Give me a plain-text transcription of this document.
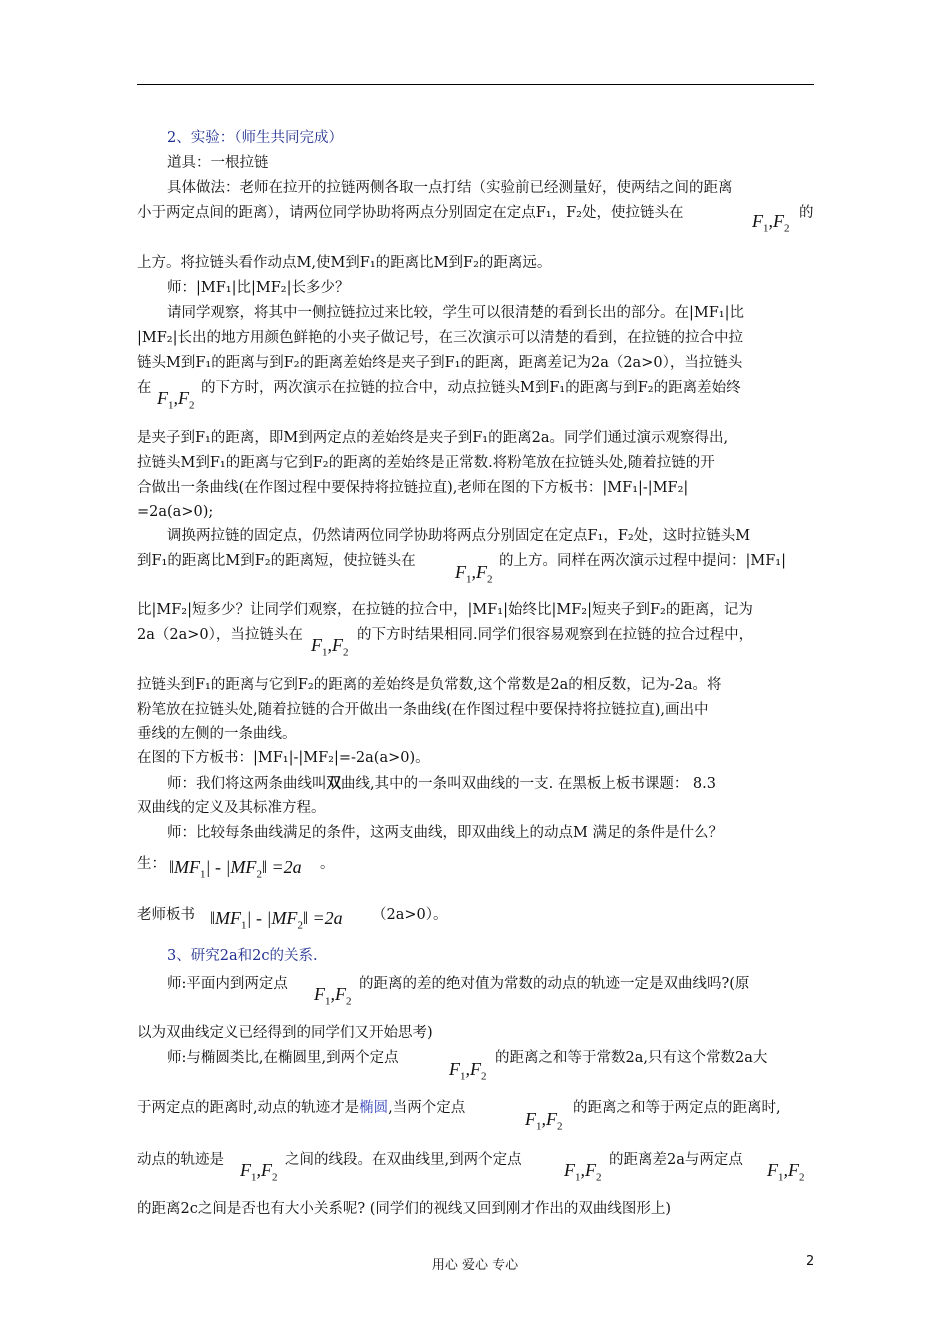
2、实验：（师生共同完成）
道具：一根拉链
具体做法：老师在拉开的拉链两侧各取一点打结（实验前已经测量好，使两结之间的距离
小于两定点间的距离），请两位同学协助将两点分别固定在定点F₁，F₂处，使拉链头在	$F_1,F_2$
的
上方。将拉链头看作动点M,使M到F₁的距离比M到F₂的距离远。
师：|MF₁|比|MF₂|长多少？
请同学观察，将其中一侧拉链拉过来比较，学生可以很清楚的看到长出的部分。在|MF₁|比
|MF₂|长出的地方用颜色鲜艳的小夹子做记号，在三次演示可以清楚的看到，在拉链的拉合中拉
链头M到F₁的距离与到F₂的距离差始终是夹子到F₁的距离，距离差记为2a（2a>0），当拉链头
在 $F_1,F_2$
的下方时，两次演示在拉链的拉合中，动点拉链头M到F₁的距离与到F₂的距离差始终
是夹子到F₁的距离，即M到两定点的差始终是夹子到F₁的距离2a。同学们通过演示观察得出,
拉链头M到F₁的距离与它到F₂的距离的差始终是正常数.将粉笔放在拉链头处,随着拉链的开
合做出一条曲线(在作图过程中要保持将拉链拉直),老师在图的下方板书：|MF₁|-|MF₂|
=2a(a>0);
调换两拉链的固定点，仍然请两位同学协助将两点分别固定在定点F₁，F₂处，这时拉链头M
到F₁的距离比M到F₂的距离短，使拉链头在
$F_1,F_2$
的上方。同样在两次演示过程中提问：|MF₁|
比|MF₂|短多少？让同学们观察，在拉链的拉合中，|MF₁|始终比|MF₂|短夹子到F₂的距离，记为
2a（2a>0），当拉链头在 $F_1,F_2$
的下方时结果相同.同学们很容易观察到在拉链的拉合过程中，
拉链头到F₁的距离与它到F₂的距离的差始终是负常数,这个常数是2a的相反数，记为-2a。将
粉笔放在拉链头处,随着拉链的合开做出一条曲线(在作图过程中要保持将拉链拉直),画出中
垂线的左侧的一条曲线。
在图的下方板书：|MF₁|-|MF₂|=-2a(a>0)。
师：我们将这两条曲线叫双曲线,其中的一条叫双曲线的一支. 在黑板上板书课题： 8.3
双曲线的定义及其标准方程。
师：比较每条曲线满足的条件，这两支曲线，即双曲线上的动点M 满足的条件是什么？
生： $‖MF_1|$ - $|MF_2‖ =2a$ 。
老师板书 $‖MF_1|$ - $|MF_2‖ =2a$ （2a>0）。
3、研究2a和2c的关系.
师:平面内到两定点 $F_1,F_2$
的距离的差的绝对值为常数的动点的轨迹一定是双曲线吗?(原
以为双曲线定义已经得到的同学们又开始思考)
师:与椭圆类比,在椭圆里,到两个定点
$F_1,F_2$
的距离之和等于常数2a,只有这个常数2a大
于两定点的距离时,动点的轨迹才是椭圆,当两个定点
$F_1,F_2$
的距离之和等于两定点的距离时,
动点的轨迹是 $F_1,F_2$
之间的线段。在双曲线里,到两个定点 $F_1,F_2$
的距离差2a与两定点 $F_1,F_2$
的距离2c之间是否也有大小关系呢? (同学们的视线又回到刚才作出的双曲线图形上)
用心 爱心 专心	2
